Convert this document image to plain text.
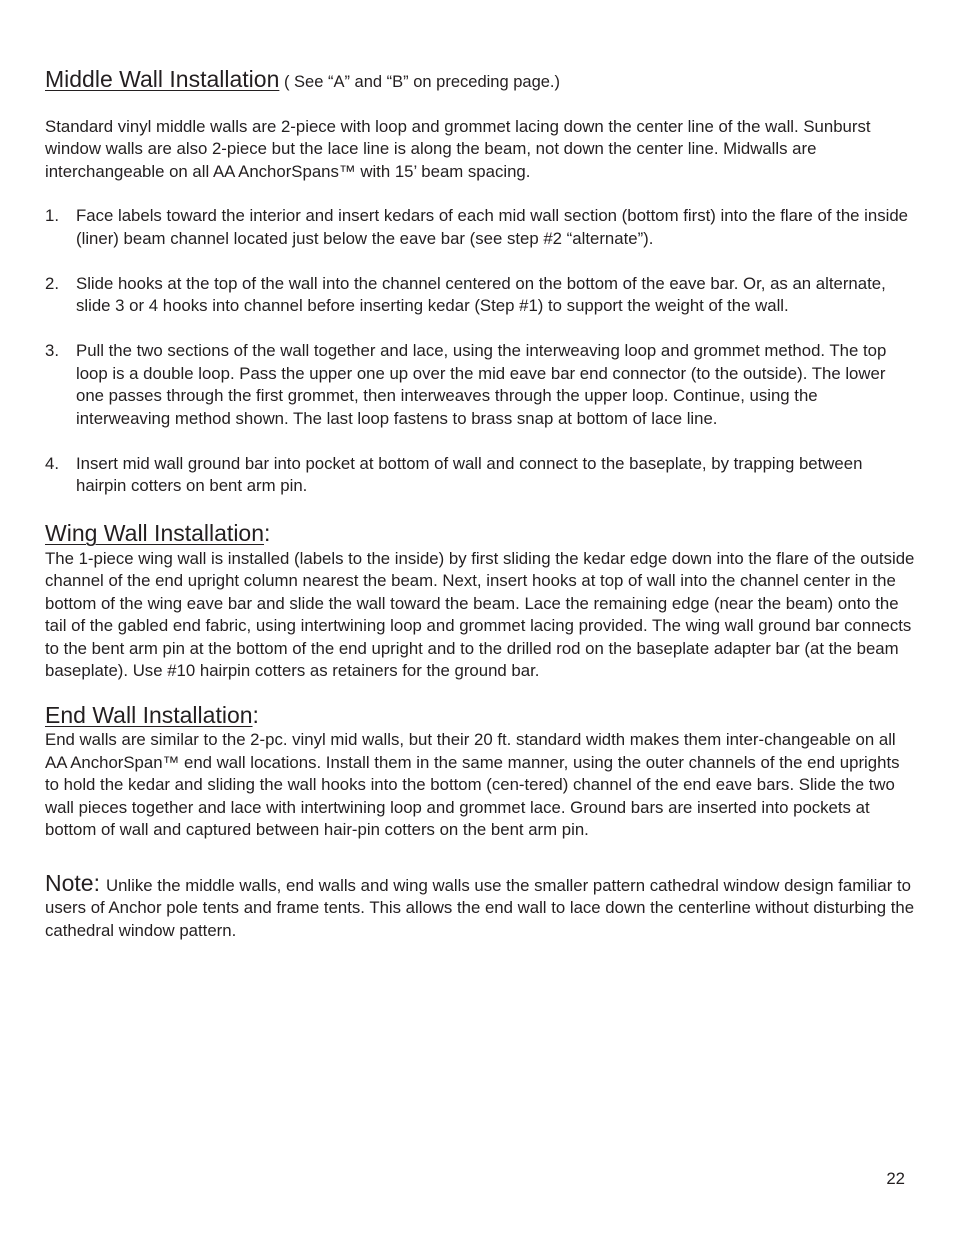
Middle Wall Installation ( See “A” and “B” on preceding page.)

Standard vinyl middle walls are 2-piece with loop and grommet lacing down the center line of the wall. Sunburst window walls are also 2-piece but the lace line is along the beam, not down the center line. Midwalls are interchangeable on all AA AnchorSpans™ with 15’ beam spacing.

1.	Face labels toward the interior and insert kedars of each mid wall section (bottom first) into the flare of the inside (liner) beam channel located just below the eave bar (see step #2 “alternate”).
2.	Slide hooks at the top of the wall into the channel centered on the bottom of the eave bar. Or, as an alternate, slide 3 or 4 hooks into channel before inserting kedar (Step #1) to support the weight of the wall.
3.	Pull the two sections of the wall together and lace, using the interweaving loop and grommet method. The top loop is a double loop. Pass the upper one up over the mid eave bar end connector (to the outside). The lower one passes through the first grommet, then interweaves through the upper loop. Continue, using the interweaving method shown. The last loop fastens to brass snap at bottom of lace line.
4.	Insert mid wall ground bar into pocket at bottom of wall and connect to the baseplate, by trapping between hairpin cotters on bent arm pin.
Wing Wall Installation:

The 1-piece wing wall is installed (labels to the inside) by first sliding the kedar edge down into the flare of the outside channel of the end upright column nearest the beam. Next, insert hooks at top of wall into the channel center in the bottom of the wing eave bar and slide the wall toward the beam. Lace the remaining edge (near the beam) onto the tail of the gabled end fabric, using intertwining loop and grommet lacing provided. The wing wall ground bar connects to the bent arm pin at the bottom of the end upright and to the drilled rod on the baseplate adapter bar (at the beam baseplate). Use #10 hairpin cotters as retainers for the ground bar.

End Wall Installation:

End walls are similar to the 2-pc. vinyl mid walls, but their 20 ft. standard width makes them inter-changeable on all AA AnchorSpan™ end wall locations. Install them in the same manner, using the outer channels of the end uprights to hold the kedar and sliding the wall hooks into the bottom (cen-tered) channel of the end eave bars. Slide the two wall pieces together and lace with intertwining loop and grommet lace. Ground bars are inserted into pockets at bottom of wall and captured between hair-pin cotters on the bent arm pin.

Note: Unlike the middle walls, end walls and wing walls use the smaller pattern cathedral window design familiar to users of Anchor pole tents and frame tents. This allows the end wall to lace down the centerline without disturbing the cathedral window pattern.

22
